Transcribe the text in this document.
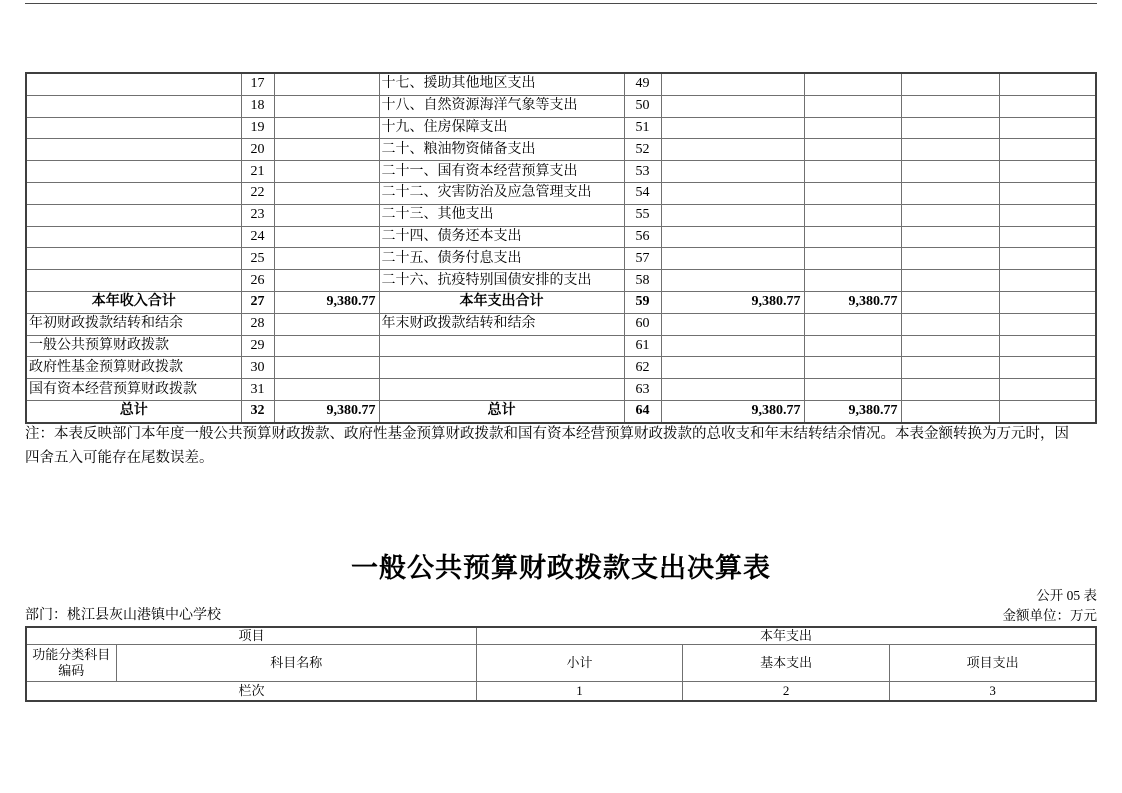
	17		十七、援助其他地区支出	49				
	18		十八、自然资源海洋气象等支出	50				
	19		十九、住房保障支出	51				
	20		二十、粮油物资储备支出	52				
	21		二十一、国有资本经营预算支出	53				
	22		二十二、灾害防治及应急管理支出	54				
	23		二十三、其他支出	55				
	24		二十四、债务还本支出	56				
	25		二十五、债务付息支出	57				
	26		二十六、抗疫特别国债安排的支出	58				
本年收入合计	27	9,380.77	本年支出合计	59	9,380.77	9,380.77		
年初财政拨款结转和结余	28		年末财政拨款结转和结余	60				
一般公共预算财政拨款	29			61				
政府性基金预算财政拨款	30			62				
国有资本经营预算财政拨款	31			63				
总计	32	9,380.77	总计	64	9,380.77	9,380.77		
注：本表反映部门本年度一般公共预算财政拨款、政府性基金预算财政拨款和国有资本经营预算财政拨款的总收支和年末结转结余情况。本表金额转换为万元时，因
四舍五入可能存在尾数误差。
一般公共预算财政拨款支出决算表
公开 05 表
金额单位：万元
部门：桃江县灰山港镇中心学校
项目		本年支出		

功能分类科目
编码	科目名称	小计	基本支出	项目支出
栏次		1	2	3
